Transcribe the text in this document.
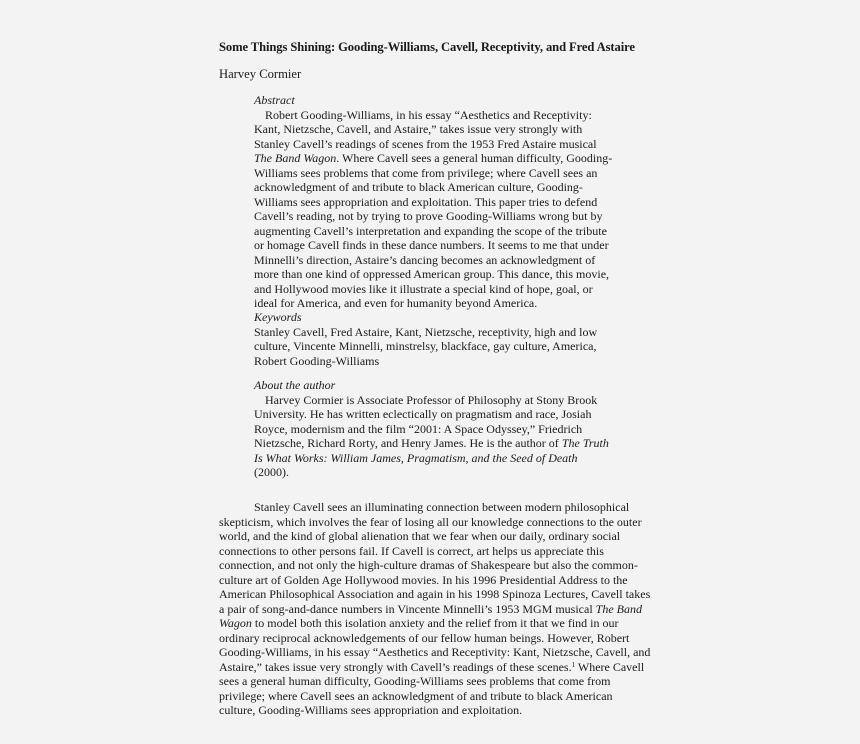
Some Things Shining: Gooding-Williams, Cavell, Receptivity, and Fred Astaire
Harvey Cormier
Abstract
Robert Gooding-Williams, in his essay “Aesthetics and Receptivity:
Kant, Nietzsche, Cavell, and Astaire,” takes issue very strongly with
Stanley Cavell’s readings of scenes from the 1953 Fred Astaire musical
The Band Wagon. Where Cavell sees a general human difficulty, Gooding-
Williams sees problems that come from privilege; where Cavell sees an
acknowledgment of and tribute to black American culture, Gooding-
Williams sees appropriation and exploitation. This paper tries to defend
Cavell’s reading, not by trying to prove Gooding-Williams wrong but by
augmenting Cavell’s interpretation and expanding the scope of the tribute
or homage Cavell finds in these dance numbers. It seems to me that under
Minnelli’s direction, Astaire’s dancing becomes an acknowledgment of
more than one kind of oppressed American group. This dance, this movie,
and Hollywood movies like it illustrate a special kind of hope, goal, or
ideal for America, and even for humanity beyond America.
Keywords
Stanley Cavell, Fred Astaire, Kant, Nietzsche, receptivity, high and low
culture, Vincente Minnelli, minstrelsy, blackface, gay culture, America,
Robert Gooding-Williams
About the author
Harvey Cormier is Associate Professor of Philosophy at Stony Brook
University. He has written eclectically on pragmatism and race, Josiah
Royce, modernism and the film “2001: A Space Odyssey,” Friedrich
Nietzsche, Richard Rorty, and Henry James. He is the author of The Truth
Is What Works: William James, Pragmatism, and the Seed of Death
(2000).
Stanley Cavell sees an illuminating connection between modern philosophical
skepticism, which involves the fear of losing all our knowledge connections to the outer
world, and the kind of global alienation that we fear when our daily, ordinary social
connections to other persons fail. If Cavell is correct, art helps us appreciate this
connection, and not only the high-culture dramas of Shakespeare but also the common-
culture art of Golden Age Hollywood movies. In his 1996 Presidential Address to the
American Philosophical Association and again in his 1998 Spinoza Lectures, Cavell takes
a pair of song-and-dance numbers in Vincente Minnelli’s 1953 MGM musical The Band
Wagon to model both this isolation anxiety and the relief from it that we find in our
ordinary reciprocal acknowledgements of our fellow human beings. However, Robert
Gooding-Williams, in his essay “Aesthetics and Receptivity: Kant, Nietzsche, Cavell, and
Astaire,” takes issue very strongly with Cavell’s readings of these scenes.$^1$ Where Cavell
sees a general human difficulty, Gooding-Williams sees problems that come from
privilege; where Cavell sees an acknowledgment of and tribute to black American
culture, Gooding-Williams sees appropriation and exploitation.
